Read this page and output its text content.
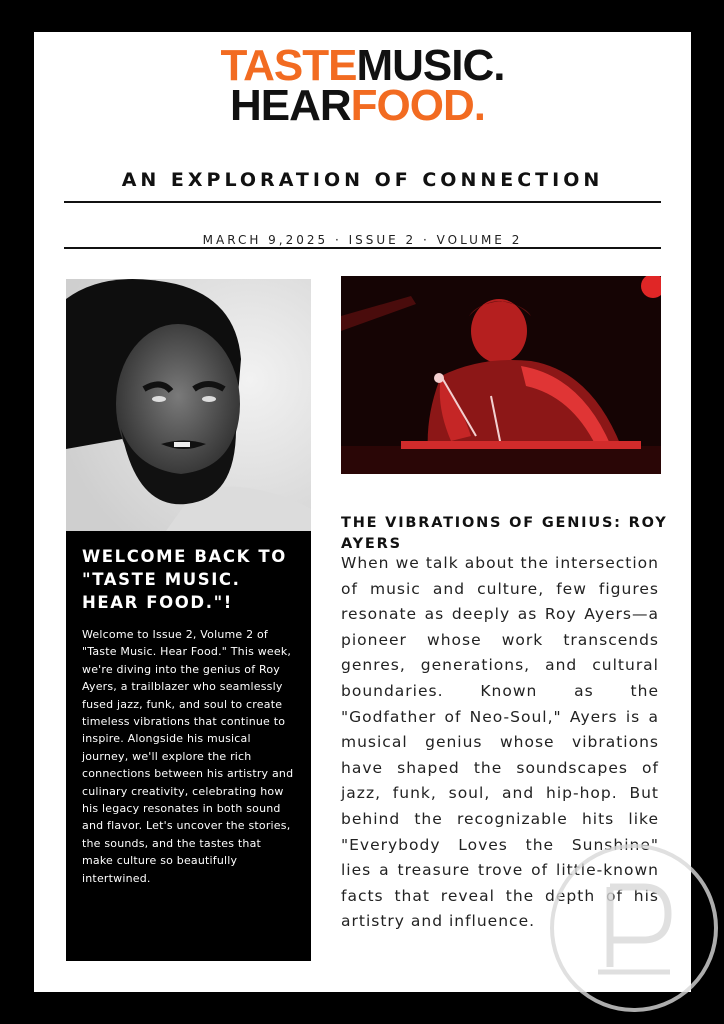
TASTEMUSIC.
HEARFOOD.
AN EXPLORATION OF CONNECTION
MARCH 9,2025 · ISSUE 2 · VOLUME 2
WELCOME BACK TO "TASTE MUSIC. HEAR FOOD."!

Welcome to Issue 2, Volume 2 of "Taste Music. Hear Food." This week, we're diving into the genius of Roy Ayers, a trailblazer who seamlessly fused jazz, funk, and soul to create timeless vibrations that continue to inspire. Alongside his musical journey, we'll explore the rich connections between his artistry and culinary creativity, celebrating how his legacy resonates in both sound and flavor. Let's uncover the stories, the sounds, and the tastes that make culture so beautifully intertwined.

THE VIBRATIONS OF GENIUS: ROY AYERS

When we talk about the intersection of music and culture, few figures resonate as deeply as Roy Ayers—a pioneer whose work transcends genres, generations, and cultural boundaries. Known as the "Godfather of Neo-Soul," Ayers is a musical genius whose vibrations have shaped the soundscapes of jazz, funk, soul, and hip-hop. But behind the recognizable hits like "Everybody Loves the Sunshine" lies a treasure trove of little-known facts that reveal the depth of his artistry and influence.
